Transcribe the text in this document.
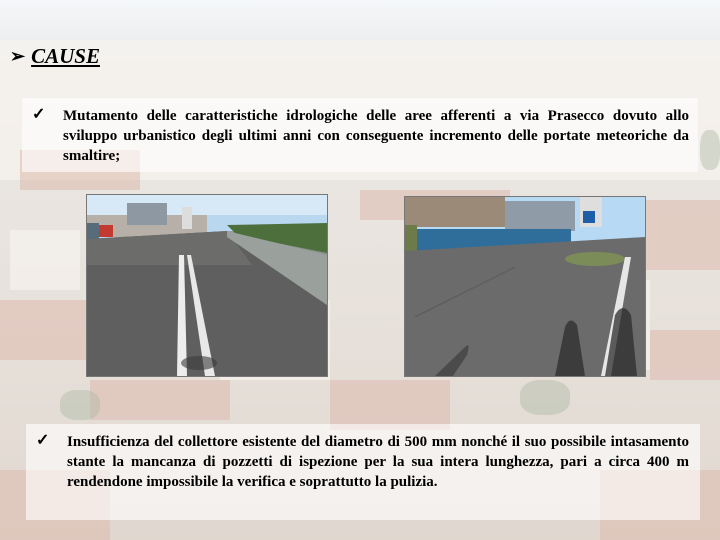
➢ CAUSE
✓ Mutamento delle caratteristiche idrologiche delle aree afferenti a via Prasecco dovuto allo sviluppo urbanistico degli ultimi anni con conseguente incremento delle portate meteoriche da smaltire;
✓ Insufficienza del collettore esistente del diametro di 500 mm nonché il suo possibile intasamento stante la mancanza di pozzetti di ispezione per la sua intera lunghezza, pari a circa 400 m rendendone impossibile la verifica e soprattutto la pulizia.
